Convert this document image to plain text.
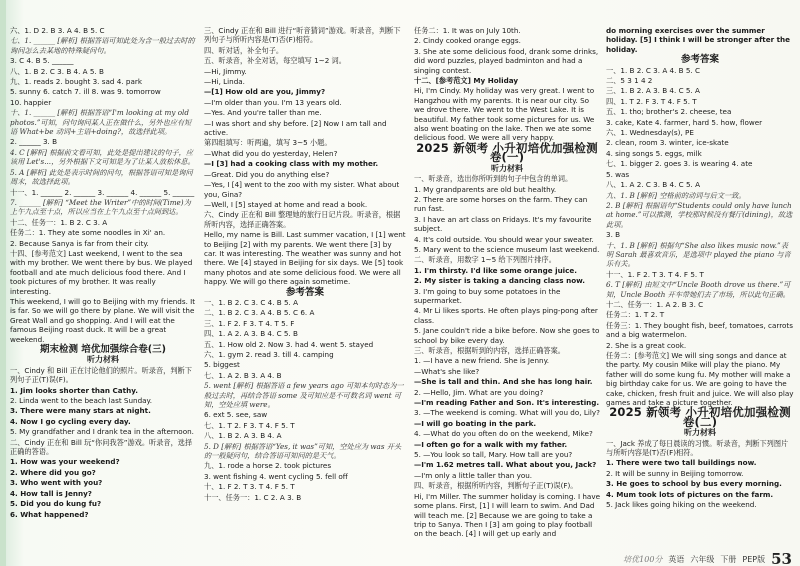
六、1. D 2. B 3. A 4. B 5. C

七、1. ______ [解析] 根据答语可知此处为含一般过去时的询问怎么去某地的特殊疑问句。

3. C 4. B 5. ______

八、1. B 2. C 3. B 4. A 5. B

九、1. reads 2. bought 3. sad 4. park

5. sunny 6. catch 7. ill 8. was 9. tomorrow

10. happier

十、1. ______ [解析] 根据答语“I'm looking at my old photos.”可知，问句询问某人正在做什么，另外也应有短语 What+be 动词+主语+doing?，故选择此项。

2. ______ 3. B

4. C [解析] 根据前文看可知，此处是提出建议的句子，应该用 Let's...，另外根据下文可知是为了让某人放松休息。

5. A [解析] 此处是表示时间的问句，根据答语可知是询问周末，故选择此项。

十一、1. ______ 2. ______ 3. ______ 4. ______ 5. ______

7. ______ [解析] “Meet the Writer”中的时间(Time)为上午九点至十点，所以应当在上午九点至十点间到达。

十二、任务一：1. B 2. C 3. A

任务二：1. They ate some noodles in Xi' an.

2. Because Sanya is far from their city.

十四、[参考范文] Last weekend, I went to the sea with my brother. We went there by bus. We played football and ate much delicious food there. And I took pictures of my brother. It was really interesting.

This weekend, I will go to Beijing with my friends. It is far. So we will go there by plane. We will visit the Great Wall and go shopping. And I will eat the famous Beijing roast duck. It will be a great weekend.

期末检测 培优加强综合卷(三)

听力材料

一、Cindy 和 Bill 正在讨论他们的照片。听录音，判断下列句子正(T)误(F)。

1. Jim looks shorter than Cathy.

2. Linda went to the beach last Sunday.

3. There were many stars at night.

4. Now I go cycling every day.

5. My grandfather and I drank tea in the afternoon.

二、Cindy 正在和 Bill 玩“你问我答”游戏。听录音，选择正确的答语。

1. How was your weekend?

2. Where did you go?

3. Who went with you?

4. How tall is Jenny?

5. Did you do kung fu?

6. What happened?

三、Cindy 正在和 Bill 进行“听音猜词”游戏。听录音，判断下列句子与所听内容是(T)否(F)相符。

四、听对话，补全句子。

五、听录音，补全对话，每空填写 1~2 词。

—Hi, Jimmy.

—Hi, Linda.

—[1] How old are you, Jimmy?

—I'm older than you. I'm 13 years old.

—Yes. And you're taller than me.

—I was short and shy before. [2] Now I am tall and active.

第四组填写：听两遍，填写 3~5 小题。

—What did you do yesterday, Helen?

—I [3] had a cooking class with my mother.

—Great. Did you do anything else?

—Yes, I [4] went to the zoo with my sister. What about you, Gina?

—Well, I [5] stayed at home and read a book.

六、Cindy 正在和 Bill 整理她的旅行日记片段。听录音，根据所听内容，选择正确答案。

Hello, my name is Bill. Last summer vacation, I [1] went to Beijing [2] with my parents. We went there [3] by car. It was interesting. The weather was sunny and hot there. We [4] stayed in Beijing for six days. We [5] took many photos and ate some delicious food. We were all happy. We will go there again sometime.

参考答案

一、1. B 2. C 3. C 4. B 5. A

二、1. B 2. C 3. A 4. B 5. C 6. A

三、1. F 2. F 3. T 4. T 5. F

四、1. A 2. A 3. B 4. C 5. B

五、1. How old 2. Now 3. had 4. went 5. stayed

六、1. gym 2. read 3. till 4. camping

5. biggest

七、1. A 2. B 3. A 4. B

5. went [解析] 根据答语 a few years ago 可知本句时态为一般过去时，再结合答语 some 及可知应是不可数名词 went 可知，空处应填 were。

6. ext 5. see, saw

七、1. T 2. F 3. T 4. F 5. T

八、1. B 2. A 3. B 4. A

5. D [解析] 根据答语“Yes, it was”可知，空处应为 was 开头的一般疑问句，结合答语可知问的是天气。

九、1. rode a horse 2. took pictures

3. went fishing 4. went cycling 5. fell off

十、1. F 2. T 3. T 4. F 5. T

十一、任务一：1. C 2. A 3. B

任务二：1. It was on July 10th.

2. Cindy cooked orange eggs.

3. She ate some delicious food, drank some drinks, did word puzzles, played badminton and had a singing contest.

十二、[参考范文] My Holiday

Hi, I'm Cindy. My holiday was very great. I went to Hangzhou with my parents. It is near our city. So we drove there. We went to the West Lake. It is beautiful. My father took some pictures for us. We also went boating on the lake. Then we ate some delicious food. We were all very happy.

2025 新领考 小升初培优加强检测卷(一)

听力材料

一、听录音，选出你所听到的句子中包含的单词。

1. My grandparents are old but healthy.

2. There are some horses on the farm. They can run fast.

3. I have an art class on Fridays. It's my favourite subject.

4. It's cold outside. You should wear your sweater.

5. Mary went to the science museum last weekend.

二、听录音，用数字 1~5 给下列图片排序。

1. I'm thirsty. I'd like some orange juice.

2. My sister is taking a dancing class now.

3. I'm going to buy some potatoes in the supermarket.

4. Mr Li likes sports. He often plays ping-pong after class.

5. Jane couldn't ride a bike before. Now she goes to school by bike every day.

三、听录音，根据听到的内容，选择正确答案。

1. —I have a new friend. She is Jenny.

—What's she like?

—She is tall and thin. And she has long hair.

2. —Hello, Jim. What are you doing?

—I'm reading Father and Son. It's interesting.

3. —The weekend is coming. What will you do, Lily?

—I will go boating in the park.

4. —What do you often do on the weekend, Mike?

—I often go for a walk with my father.

5. —You look so tall, Mary. How tall are you?

—I'm 1.62 metres tall. What about you, Jack?

—I'm only a little taller than you.

四、听录音，根据所听内容，判断句子正(T)误(F)。

Hi, I'm Miller. The summer holiday is coming. I have some plans. First, [1] I will learn to swim. And Dad will teach me. [2] Because we are going to take a trip to Sanya. Then I [3] am going to play football on the beach. [4] I will get up early and

do morning exercises over the summer holiday. [5] I think I will be stronger after the holiday.

参考答案

一、1. B 2. C 3. A 4. B 5. C

二、5 3 1 4 2

三、1. B 2. A 3. B 4. C 5. A

四、1. T 2. F 3. T 4. F 5. T

五、1. tho; brother's 2. cheese, tea

3. cake, Kate 4. farmer, hard 5. how, flower

六、1. Wednesday(s), PE

2. clean, room 3. winter, ice-skate

4. sing songs 5. eggs, milk

七、1. bigger 2. goes 3. is wearing 4. ate

5. was

八、1. A 2. C 3. B 4. C 5. A

九、1. B [解析] 空格前的动词与后文一致。

2. B [解析] 根据语句“Students could only have lunch at home.”可以推测，学校那时候没有餐厅(dining)，故选此项。

3. B

十、1. B [解析] 根据句“She also likes music now.”表明 Sarah 最喜欢音乐，是选项中 played the piano 与音乐有关。

十一、1. F 2. T 3. T 4. F 5. T

6. T [解析] 由短文中“Uncle Booth drove us there.”可知，Uncle Booth 开车带她们去了市场，所以此句正确。

十二、任务一：1. A 2. B 3. C

任务二：1. T 2. T

任务三：1. They bought fish, beef, tomatoes, carrots and a big watermelon.

2. She is a great cook.

任务二：[参考范文] We will sing songs and dance at the party. My cousin Mike will play the piano. My father will do some kung fu. My mother will make a big birthday cake for us. We are going to have the cake, chicken, fresh fruit and juice. We will also play games and take a picture together.

2025 新领考 小升初培优加强检测卷(二)

听力材料

一、Jack 养成了每日晨读的习惯。听录音，判断下列图片与所听内容是(T)否(F)相符。

1. There were two tall buildings now.

2. It will be sunny in Beijing tomorrow.

3. He goes to school by bus every morning.

4. Mum took lots of pictures on the farm.

5. Jack likes going hiking on the weekend.

培优100分 英语 六年级 下册 PEP版 53
